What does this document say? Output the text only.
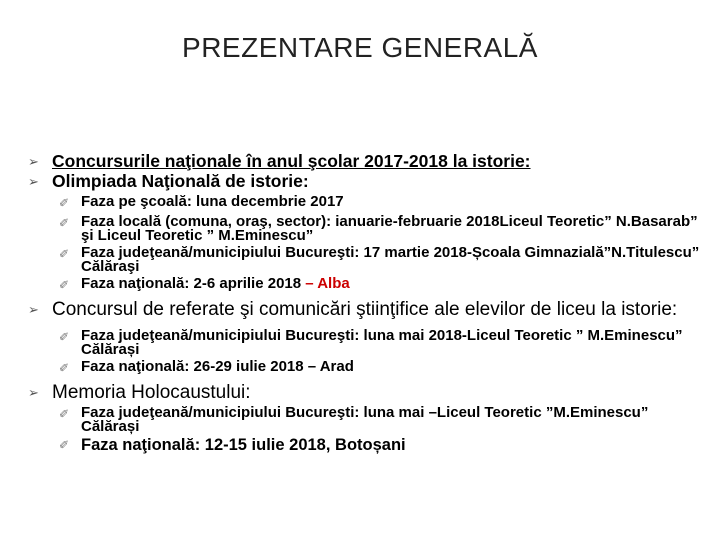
PREZENTARE GENERALĂ
➢ Concursurile naţionale în anul şcolar 2017-2018 la istorie:
➢ Olimpiada Naţională de istorie:
✐ Faza pe şcoală: luna decembrie 2017
✐ Faza locală (comuna, oraş, sector): ianuarie-februarie 2018Liceul Teoretic” N.Basarab” şi Liceul Teoretic ” M.Eminescu”
✐ Faza judeţeană/municipiului Bucureşti: 17 martie 2018-Școala Gimnazială”N.Titulescu” Călăraşi
✐ Faza naţională: 2-6 aprilie 2018 – Alba
➢ Concursul de referate şi comunicări ştiinţifice ale elevilor de liceu la istorie:
✐ Faza judeţeană/municipiului Bucureşti: luna mai 2018-Liceul Teoretic ” M.Eminescu” Călărași
✐ Faza naţională: 26-29 iulie 2018 – Arad
➢ Memoria Holocaustului:
✐ Faza judeţeană/municipiului Bucureşti: luna mai –Liceul Teoretic ”M.Eminescu” Călărași
✐ Faza naţională: 12-15 iulie 2018, Botoșani
